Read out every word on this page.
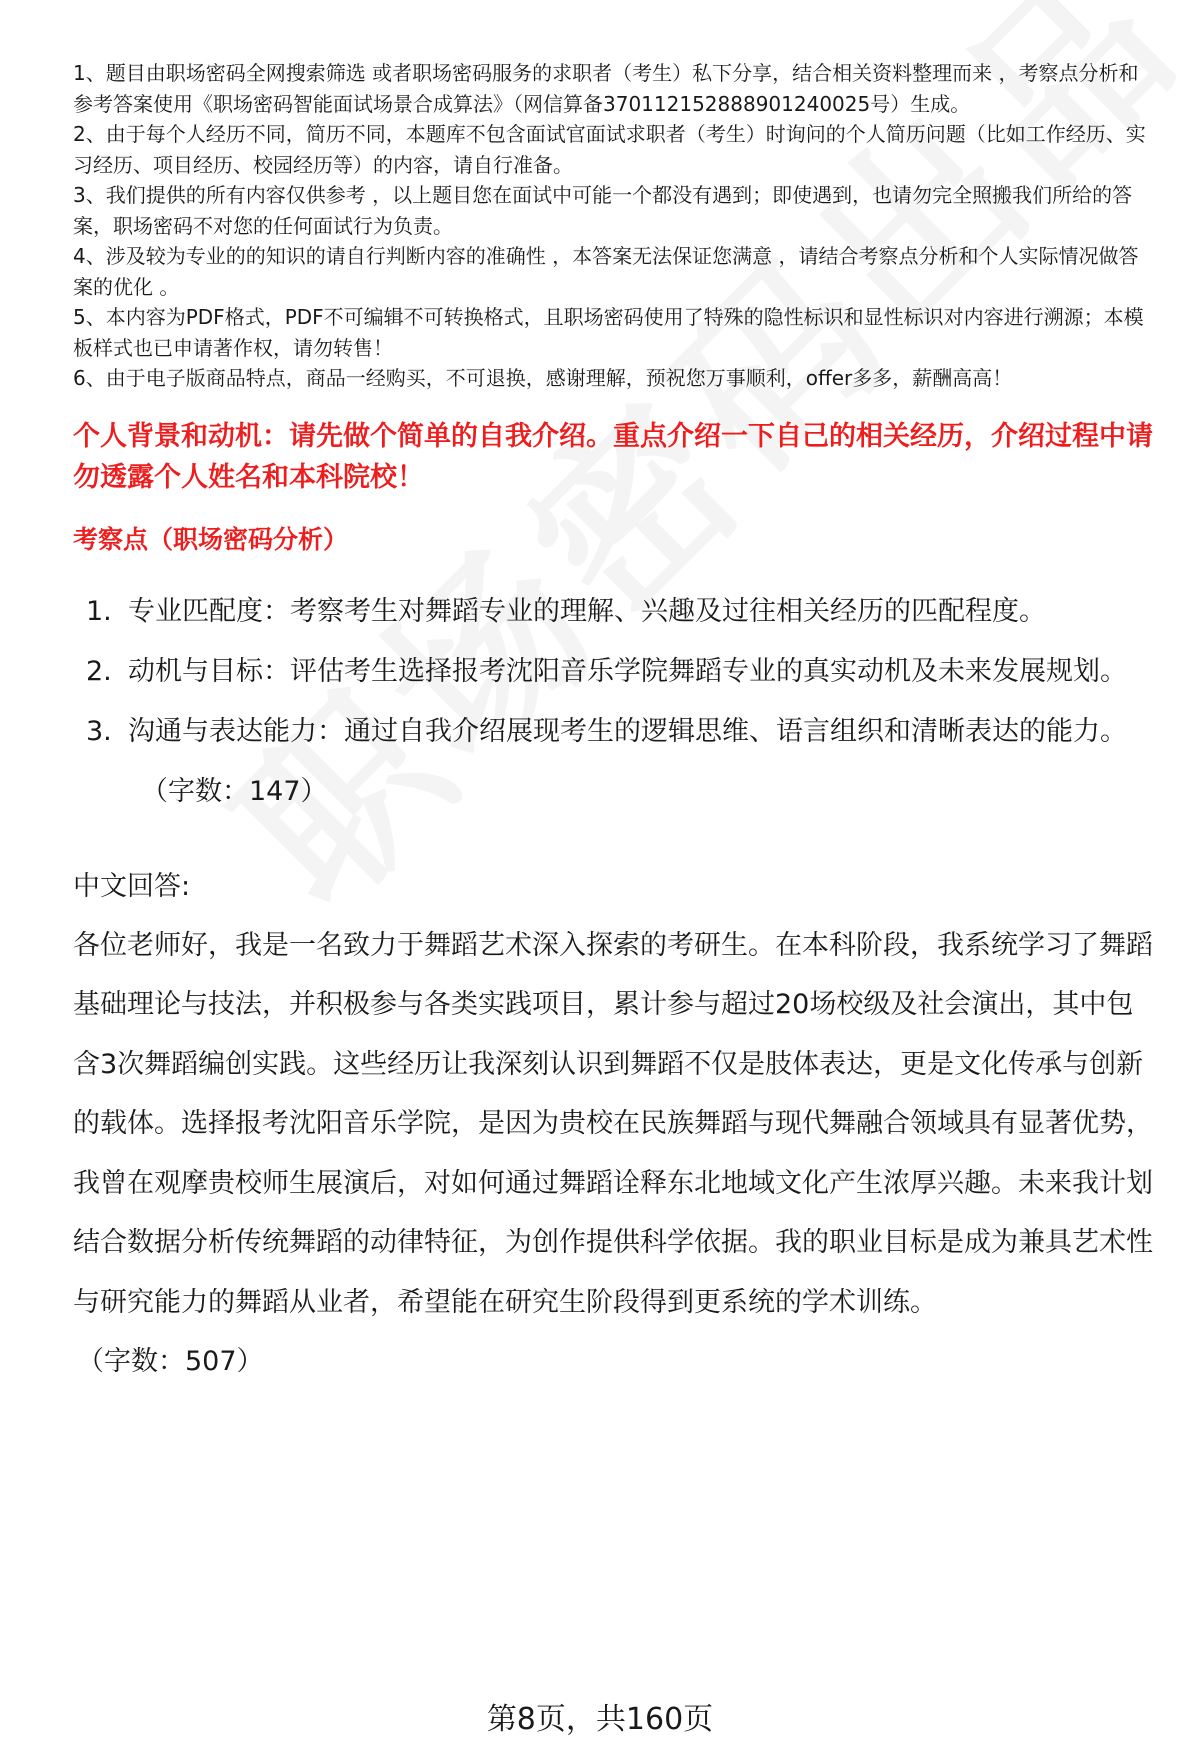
1、题目由职场密码全网搜索筛选 或者职场密码服务的求职者（考生）私下分享，结合相关资料整理而来 ，考察点分析和参考答案使用《职场密码智能面试场景合成算法》（网信算备370112152888901240025号）生成。

2、由于每个人经历不同，简历不同，本题库不包含面试官面试求职者（考生）时询问的个人简历问题（比如工作经历、实习经历、项目经历、校园经历等）的内容，请自行准备。

3、我们提供的所有内容仅供参考 ，以上题目您在面试中可能一个都没有遇到；即使遇到，也请勿完全照搬我们所给的答案，职场密码不对您的任何面试行为负责。

4、涉及较为专业的的知识的请自行判断内容的准确性 ，本答案无法保证您满意 ，请结合考察点分析和个人实际情况做答案的优化 。

5、本内容为PDF格式，PDF不可编辑不可转换格式，且职场密码使用了特殊的隐性标识和显性标识对内容进行溯源；本模板样式也已申请著作权，请勿转售！

6、由于电子版商品特点，商品一经购买，不可退换，感谢理解，预祝您万事顺利，offer多多，薪酬高高！

个人背景和动机：请先做个简单的自我介绍。重点介绍一下自己的相关经历，介绍过程中请勿透露个人姓名和本科院校！
考察点（职场密码分析）
1. 专业匹配度：考察考生对舞蹈专业的理解、兴趣及过往相关经历的匹配程度。
2. 动机与目标：评估考生选择报考沈阳音乐学院舞蹈专业的真实动机及未来发展规划。
3. 沟通与表达能力：通过自我介绍展现考生的逻辑思维、语言组织和清晰表达的能力。
（字数：147）
中文回答:

各位老师好，我是一名致力于舞蹈艺术深入探索的考研生。在本科阶段，我系统学习了舞蹈基础理论与技法，并积极参与各类实践项目，累计参与超过20场校级及社会演出，其中包含3次舞蹈编创实践。这些经历让我深刻认识到舞蹈不仅是肢体表达，更是文化传承与创新的载体。选择报考沈阳音乐学院，是因为贵校在民族舞蹈与现代舞融合领域具有显著优势，我曾在观摩贵校师生展演后，对如何通过舞蹈诠释东北地域文化产生浓厚兴趣。未来我计划结合数据分析传统舞蹈的动律特征，为创作提供科学依据。我的职业目标是成为兼具艺术性与研究能力的舞蹈从业者，希望能在研究生阶段得到更系统的学术训练。

（字数：507）
第8页，共160页
